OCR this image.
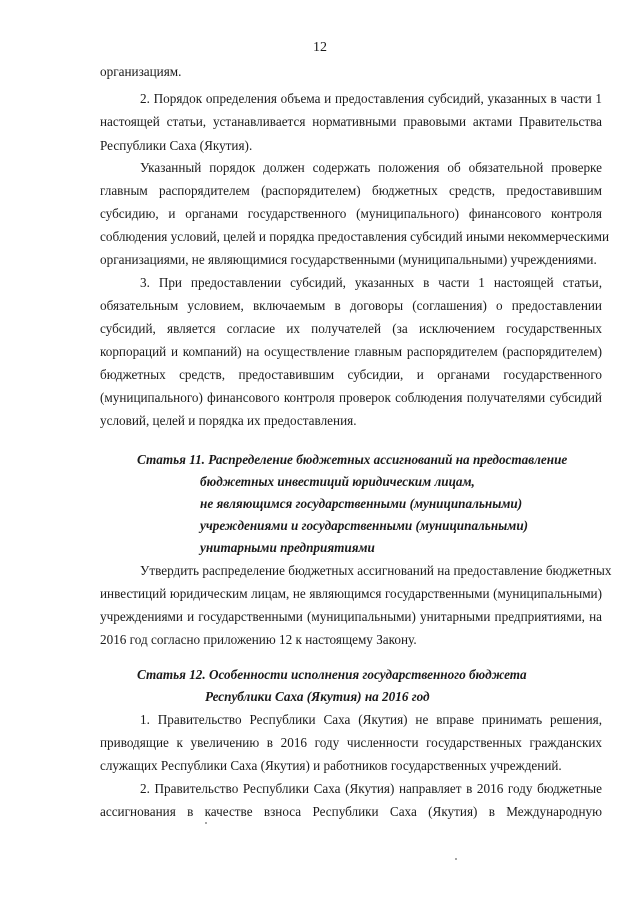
12
организациям.
2. Порядок определения объема и предоставления субсидий, указанных в части 1
настоящей статьи, устанавливается нормативными правовыми актами Правительства
Республики Саха (Якутия).
Указанный порядок должен содержать положения об обязательной проверке
главным распорядителем (распорядителем) бюджетных средств, предоставившим
субсидию, и органами государственного (муниципального) финансового контроля
соблюдения условий, целей и порядка предоставления субсидий иными некоммерческими
организациями, не являющимися государственными (муниципальными) учреждениями.
3. При предоставлении субсидий, указанных в части 1 настоящей статьи,
обязательным условием, включаемым в договоры (соглашения) о предоставлении
субсидий, является согласие их получателей (за исключением государственных
корпораций и компаний) на осуществление главным распорядителем (распорядителем)
бюджетных средств, предоставившим субсидии, и органами государственного
(муниципального) финансового контроля проверок соблюдения получателями субсидий
условий, целей и порядка их предоставления.
Статья 11. Распределение бюджетных ассигнований на предоставление
бюджетных инвестиций юридическим лицам,
не являющимся государственными (муниципальными)
учреждениями и государственными (муниципальными)
унитарными предприятиями
Утвердить распределение бюджетных ассигнований на предоставление бюджетных
инвестиций юридическим лицам, не являющимся государственными (муниципальными)
учреждениями и государственными (муниципальными) унитарными предприятиями, на
2016 год согласно приложению 12 к настоящему Закону.
Статья 12. Особенности исполнения государственного бюджета
Республики Саха (Якутия) на 2016 год
1. Правительство Республики Саха (Якутия) не вправе принимать решения,
приводящие к увеличению в 2016 году численности государственных гражданских
служащих Республики Саха (Якутия) и работников государственных учреждений.
2. Правительство Республики Саха (Якутия) направляет в 2016 году бюджетные
ассигнования в качестве взноса Республики Саха (Якутия) в Международную
